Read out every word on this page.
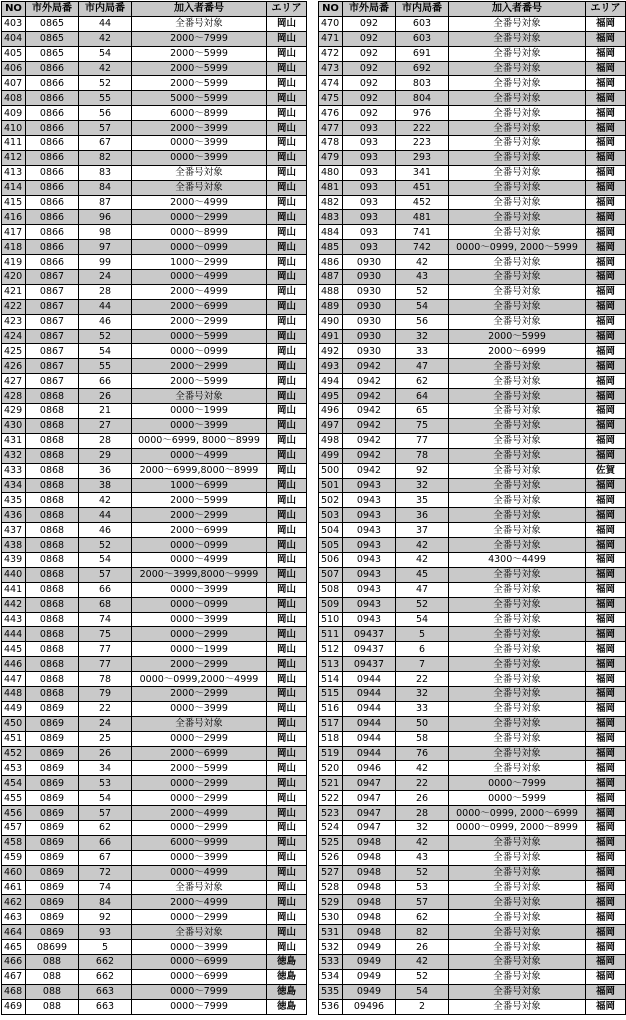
NO	市外局番	市内局番	加入者番号	エリア
403	0865	44	全番号対象	岡山
404	0865	42	2000～7999	岡山
405	0865	54	2000～5999	岡山
406	0866	42	2000～5999	岡山
407	0866	52	2000～5999	岡山
408	0866	55	5000～5999	岡山
409	0866	56	6000～8999	岡山
410	0866	57	2000～3999	岡山
411	0866	67	0000～3999	岡山
412	0866	82	0000～3999	岡山
413	0866	83	全番号対象	岡山
414	0866	84	全番号対象	岡山
415	0866	87	2000～4999	岡山
416	0866	96	0000～2999	岡山
417	0866	98	0000～8999	岡山
418	0866	97	0000～0999	岡山
419	0866	99	1000～2999	岡山
420	0867	24	0000～4999	岡山
421	0867	28	2000～4999	岡山
422	0867	44	2000～6999	岡山
423	0867	46	2000～2999	岡山
424	0867	52	0000～5999	岡山
425	0867	54	0000～0999	岡山
426	0867	55	2000～2999	岡山
427	0867	66	2000～5999	岡山
428	0868	26	全番号対象	岡山
429	0868	21	0000～1999	岡山
430	0868	27	0000～3999	岡山
431	0868	28	0000～6999, 8000～8999	岡山
432	0868	29	0000～4999	岡山
433	0868	36	2000～6999,8000～8999	岡山
434	0868	38	1000～6999	岡山
435	0868	42	2000～5999	岡山
436	0868	44	2000～2999	岡山
437	0868	46	2000～6999	岡山
438	0868	52	0000～0999	岡山
439	0868	54	0000～4999	岡山
440	0868	57	2000～3999,8000～9999	岡山
441	0868	66	0000～3999	岡山
442	0868	68	0000～0999	岡山
443	0868	74	0000～3999	岡山
444	0868	75	0000～2999	岡山
445	0868	77	0000～1999	岡山
446	0868	77	2000～2999	岡山
447	0868	78	0000～0999,2000～4999	岡山
448	0868	79	2000～2999	岡山
449	0869	22	0000～3999	岡山
450	0869	24	全番号対象	岡山
451	0869	25	0000～2999	岡山
452	0869	26	2000～6999	岡山
453	0869	34	2000～5999	岡山
454	0869	53	0000～2999	岡山
455	0869	54	0000～2999	岡山
456	0869	57	2000～4999	岡山
457	0869	62	0000～2999	岡山
458	0869	66	6000～9999	岡山
459	0869	67	0000～3999	岡山
460	0869	72	0000～4999	岡山
461	0869	74	全番号対象	岡山
462	0869	84	2000～4999	岡山
463	0869	92	0000～2999	岡山
464	0869	93	全番号対象	岡山
465	08699	5	0000～3999	岡山
466	088	662	0000～6999	徳島
467	088	662	0000～6999	徳島
468	088	663	0000～7999	徳島
469	088	663	0000～7999	徳島
NO	市外局番	市内局番	加入者番号	エリア
470	092	603	全番号対象	福岡
471	092	603	全番号対象	福岡
472	092	691	全番号対象	福岡
473	092	692	全番号対象	福岡
474	092	803	全番号対象	福岡
475	092	804	全番号対象	福岡
476	092	976	全番号対象	福岡
477	093	222	全番号対象	福岡
478	093	223	全番号対象	福岡
479	093	293	全番号対象	福岡
480	093	341	全番号対象	福岡
481	093	451	全番号対象	福岡
482	093	452	全番号対象	福岡
483	093	481	全番号対象	福岡
484	093	741	全番号対象	福岡
485	093	742	0000～0999, 2000～5999	福岡
486	0930	42	全番号対象	福岡
487	0930	43	全番号対象	福岡
488	0930	52	全番号対象	福岡
489	0930	54	全番号対象	福岡
490	0930	56	全番号対象	福岡
491	0930	32	2000～5999	福岡
492	0930	33	2000～6999	福岡
493	0942	47	全番号対象	福岡
494	0942	62	全番号対象	福岡
495	0942	64	全番号対象	福岡
496	0942	65	全番号対象	福岡
497	0942	75	全番号対象	福岡
498	0942	77	全番号対象	福岡
499	0942	78	全番号対象	福岡
500	0942	92	全番号対象	佐賀
501	0943	32	全番号対象	福岡
502	0943	35	全番号対象	福岡
503	0943	36	全番号対象	福岡
504	0943	37	全番号対象	福岡
505	0943	42	全番号対象	福岡
506	0943	42	4300～4499	福岡
507	0943	45	全番号対象	福岡
508	0943	47	全番号対象	福岡
509	0943	52	全番号対象	福岡
510	0943	54	全番号対象	福岡
511	09437	5	全番号対象	福岡
512	09437	6	全番号対象	福岡
513	09437	7	全番号対象	福岡
514	0944	22	全番号対象	福岡
515	0944	32	全番号対象	福岡
516	0944	33	全番号対象	福岡
517	0944	50	全番号対象	福岡
518	0944	58	全番号対象	福岡
519	0944	76	全番号対象	福岡
520	0946	42	全番号対象	福岡
521	0947	22	0000～7999	福岡
522	0947	26	0000～5999	福岡
523	0947	28	0000～0999, 2000～6999	福岡
524	0947	32	0000～0999, 2000～8999	福岡
525	0948	42	全番号対象	福岡
526	0948	43	全番号対象	福岡
527	0948	52	全番号対象	福岡
528	0948	53	全番号対象	福岡
529	0948	57	全番号対象	福岡
530	0948	62	全番号対象	福岡
531	0948	82	全番号対象	福岡
532	0949	26	全番号対象	福岡
533	0949	42	全番号対象	福岡
534	0949	52	全番号対象	福岡
535	0949	54	全番号対象	福岡
536	09496	2	全番号対象	福岡
